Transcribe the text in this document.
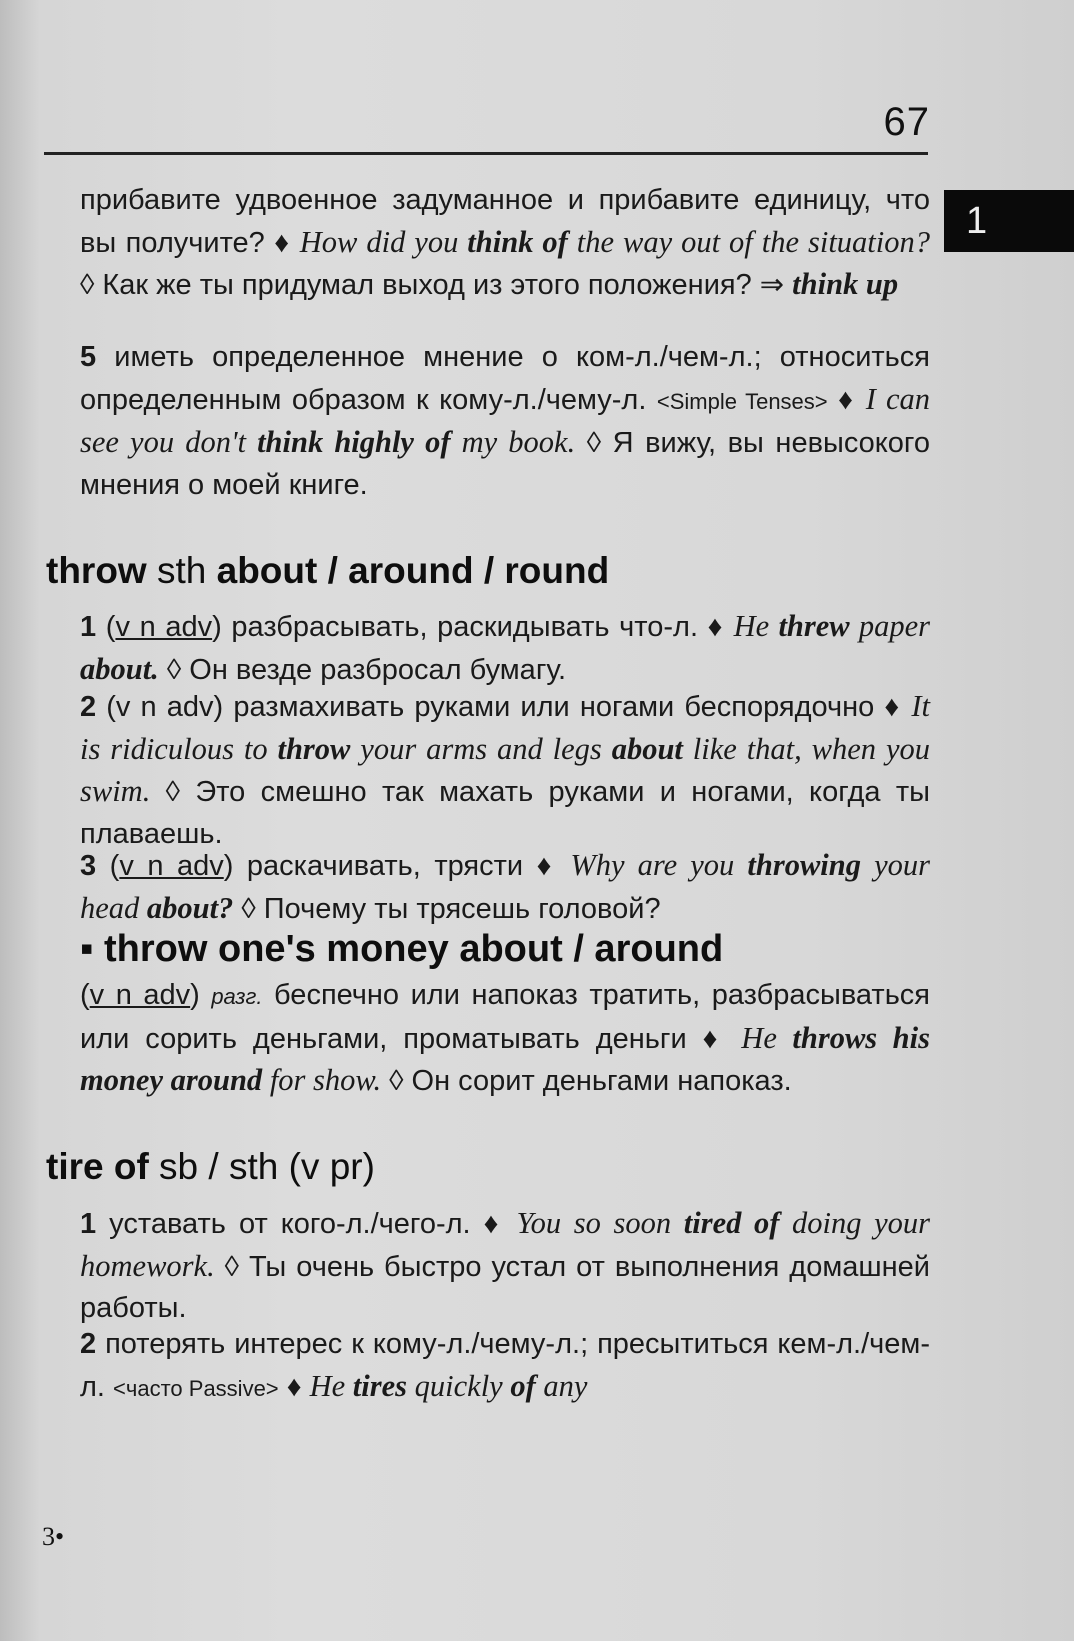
67
1
прибавите удвоенное задуманное и прибавите единицу, что вы получите? ♦ How did you think of the way out of the situation? ◊ Как же ты придумал выход из этого положения? ⇒ think up
5 иметь определенное мнение о ком-л./чем-л.; относиться определенным образом к кому-л./чему-л. <Simple Tenses> ♦ I can see you don't think highly of my book. ◊ Я вижу, вы невысокого мнения о моей книге.
throw sth about / around / round
1 (v n adv) разбрасывать, раскидывать что-л. ♦ He threw paper about. ◊ Он везде разбросал бумагу.
2 (v n adv) размахивать руками или ногами беспорядочно ♦ It is ridiculous to throw your arms and legs about like that, when you swim. ◊ Это смешно так махать руками и ногами, когда ты плаваешь.
3 (v n adv) раскачивать, трясти ♦ Why are you throwing your head about? ◊ Почему ты трясешь головой?
▪ throw one's money about / around
(v n adv) разг. беспечно или напоказ тратить, разбрасываться или сорить деньгами, проматывать деньги ♦ He throws his money around for show. ◊ Он сорит деньгами напоказ.
tire of sb / sth (v pr)
1 уставать от кого-л./чего-л. ♦ You so soon tired of doing your homework. ◊ Ты очень быстро устал от выполнения домашней работы.
2 потерять интерес к кому-л./чему-л.; пресытиться кем-л./чем-л. <часто Passive> ♦ He tires quickly of any
3•
